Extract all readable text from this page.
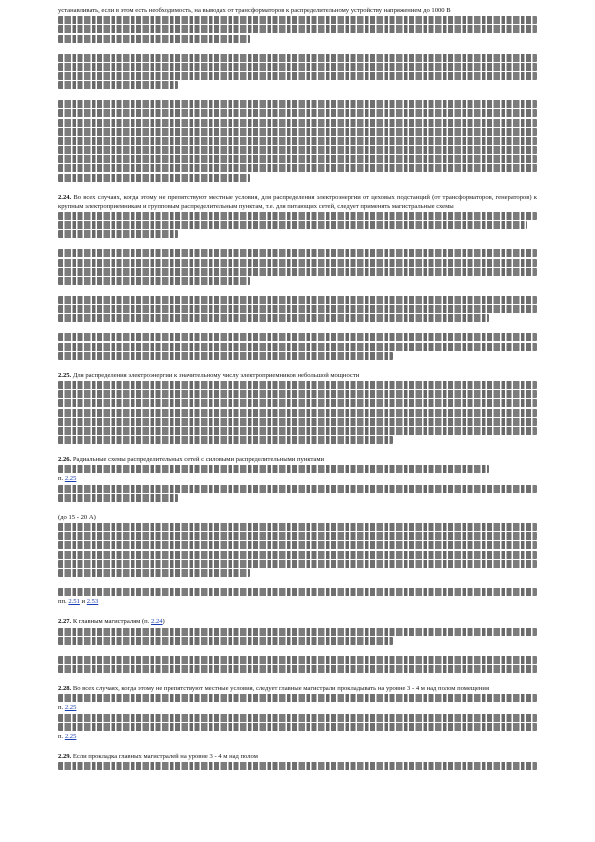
устанавливать, если в этом есть необходимость, на выводах от трансформаторов к распределительному устройству напряжением до 1000 В

2.24. Во всех случаях, когда этому не препятствуют местные условия, для распределения электроэнергии от цеховых подстанций (от трансформаторов, генераторов) к крупным электроприемникам и групповым распределительным пунктам, т.е. для питающих сетей, следует применять магистральные схемы

2.25. Для распределения электроэнергии к значительному числу электроприемников небольшой мощности

2.26. Радиальные схемы распределительных сетей с силовыми распределительными пунктами
п. 2.25

(до 15 - 20 А)

пп. 2.51 и 2.53

2.27. К главным магистралям (п. 2.24)

2.28. Во всех случаях, когда этому не препятствуют местные условия, следует главные магистрали прокладывать на уровне 3 - 4 м над полом помещения
п. 2.25
п. 2.25

2.29. Если прокладка главных магистралей на уровне 3 - 4 м над полом
